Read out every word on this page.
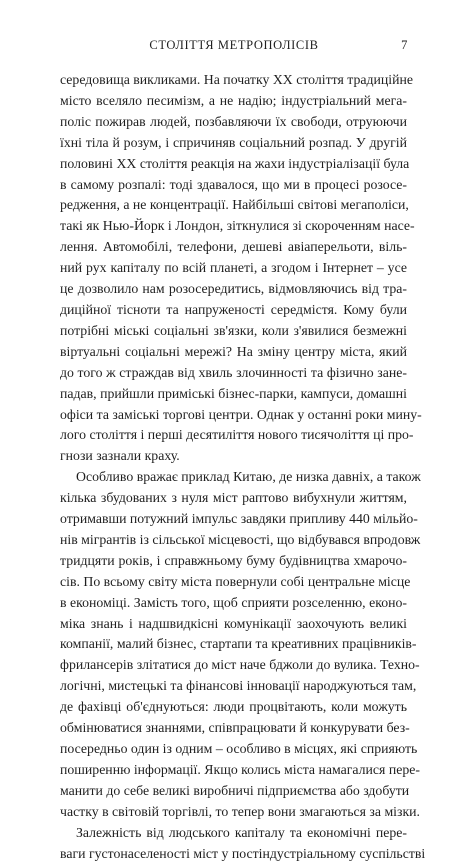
СТОЛІТТЯ МЕТРОПОЛІСІВ	7

середовища викликами. На початку XX століття традиційне
місто вселяло песимізм, а не надію; індустріальний мега-
поліс пожирав людей, позбавляючи їх свободи, отруюючи
їхні тіла й розум, і спричиняв соціальний розпад. У другій
половині XX століття реакція на жахи індустріалізації була
в самому розпалі: тоді здавалося, що ми в процесі розосе-
редження, а не концентрації. Найбільші світові мегаполіси,
такі як Нью-Йорк і Лондон, зіткнулися зі скороченням насе-
лення. Автомобілі, телефони, дешеві авіаперельоти, віль-
ний рух капіталу по всій планеті, а згодом і Інтернет – усе
це дозволило нам розосередитись, відмовляючись від тра-
диційної тісноти та напруженості середмістя. Кому були
потрібні міські соціальні зв'язки, коли з'явилися безмежні
віртуальні соціальні мережі? На зміну центру міста, який
до того ж страждав від хвиль злочинності та фізично зане-
падав, прийшли приміські бізнес-парки, кампуси, домашні
офіси та заміські торгові центри. Однак у останні роки мину-
лого століття і перші десятиліття нового тисячоліття ці про-
гнози зазнали краху.

Особливо вражає приклад Китаю, де низка давніх, а також
кілька збудованих з нуля міст раптово вибухнули життям,
отримавши потужний імпульс завдяки припливу 440 мільйо-
нів мігрантів із сільської місцевості, що відбувався впродовж
тридцяти років, і справжньому буму будівництва хмарочо-
сів. По всьому світу міста повернули собі центральне місце
в економіці. Замість того, щоб сприяти розселенню, еконо-
міка знань і надшвидкісні комунікації заохочують великі
компанії, малий бізнес, стартапи та креативних працівників-
фрилансерів злітатися до міст наче бджоли до вулика. Техно-
логічні, мистецькі та фінансові інновації народжуються там,
де фахівці об'єднуються: люди процвітають, коли можуть
обмінюватися знаннями, співпрацювати й конкурувати без-
посередньо один із одним – особливо в місцях, які сприяють
поширенню інформації. Якщо колись міста намагалися пере-
манити до себе великі виробничі підприємства або здобути
частку в світовій торгівлі, то тепер вони змагаються за мізки.

Залежність від людського капіталу та економічні пере-
ваги густонаселеності міст у постіндустріальному суспільстві
